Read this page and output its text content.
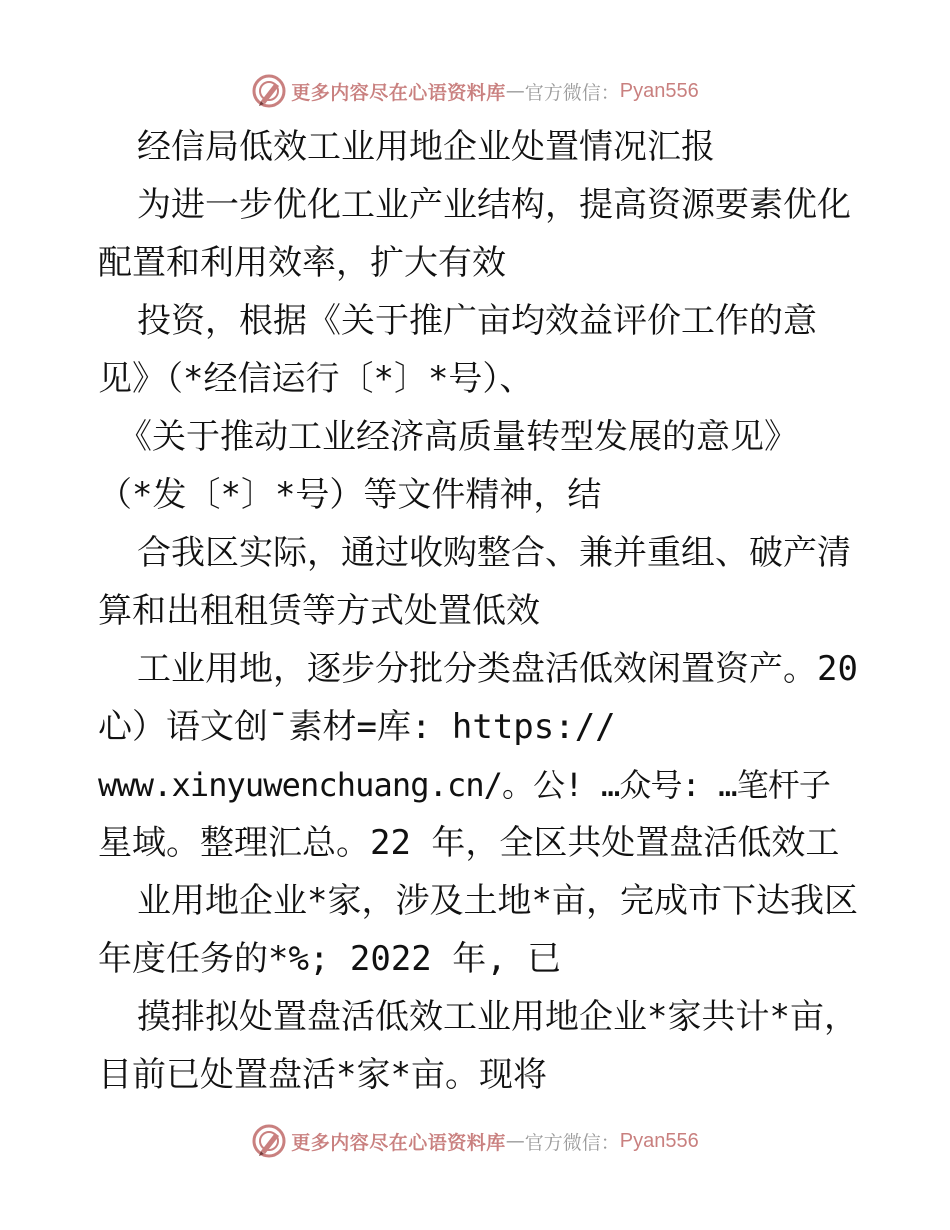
更多内容尽在心语资料库 — 官方微信： Pyan556
经信局低效工业用地企业处置情况汇报
为进一步优化工业产业结构，提高资源要素优化
配置和利用效率，扩大有效
投资，根据《关于推广亩均效益评价工作的意
见》（*经信运行〔*〕*号）、
《关于推动工业经济高质量转型发展的意见》
（*发〔*〕*号）等文件精神，结
合我区实际，通过收购整合、兼并重组、破产清
算和出租租赁等方式处置低效
工业用地，逐步分批分类盘活低效闲置资产。20
心）语文创¯素材=库: https://
www.xinyuwenchuang.cn/。公! …众号: …笔杆子
星域。整理汇总。22 年，全区共处置盘活低效工
业用地企业*家，涉及土地*亩，完成市下达我区
年度任务的*%; 2022 年, 已
摸排拟处置盘活低效工业用地企业*家共计*亩，
目前已处置盘活*家*亩。现将
更多内容尽在心语资料库 — 官方微信： Pyan556
